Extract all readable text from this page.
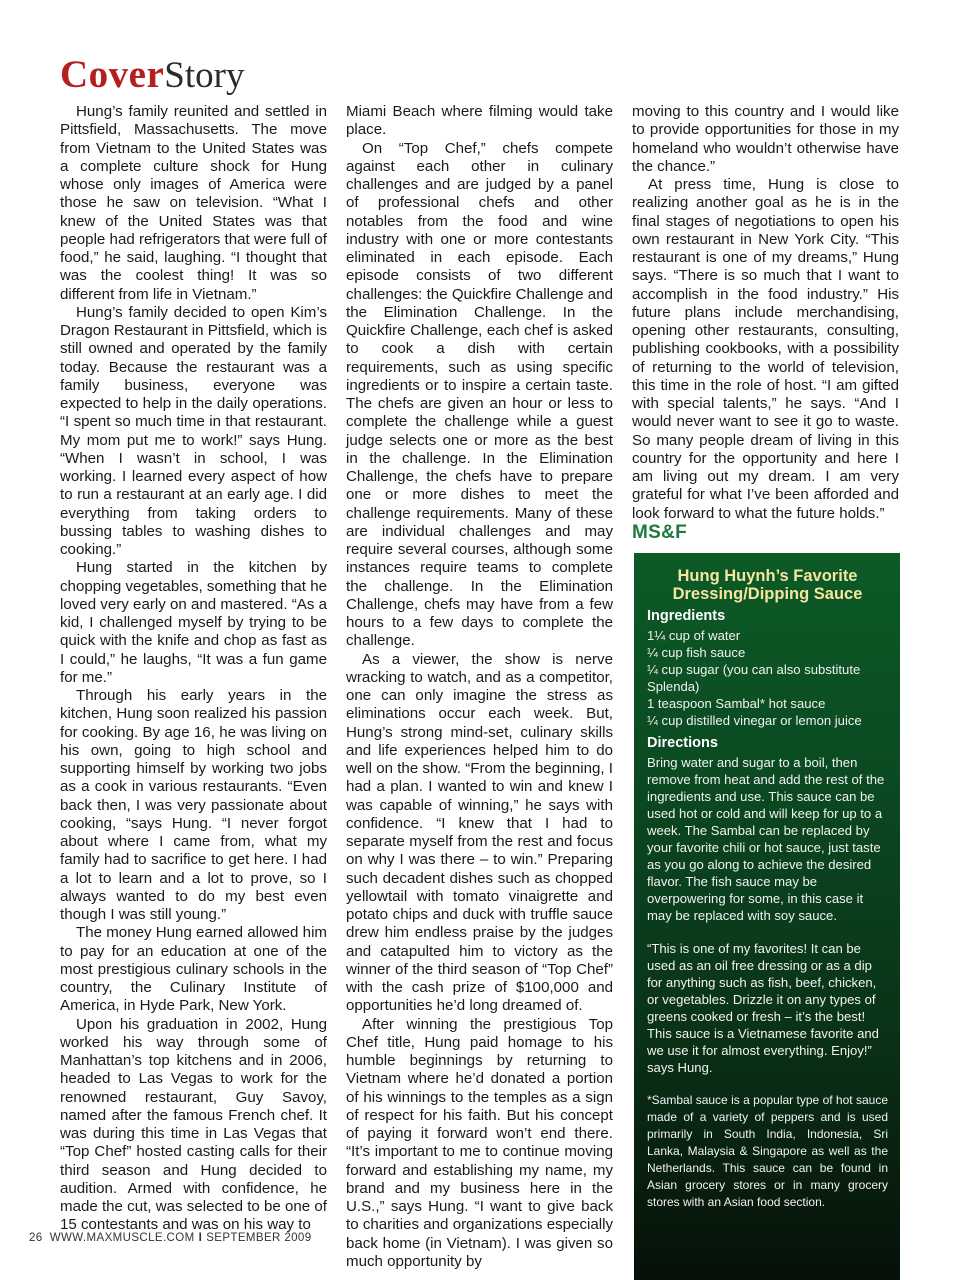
CoverStory

Hung’s family reunited and settled in Pittsfield, Massachusetts. The move from Vietnam to the United States was a complete culture shock for Hung whose only images of America were those he saw on television. “What I knew of the United States was that people had refrigerators that were full of food,” he said, laughing. “I thought that was the coolest thing! It was so different from life in Vietnam.”

Hung’s family decided to open Kim’s Dragon Restaurant in Pittsfield, which is still owned and operated by the family today. Because the restaurant was a family business, everyone was expected to help in the daily operations. “I spent so much time in that restaurant. My mom put me to work!” says Hung. “When I wasn’t in school, I was working. I learned every aspect of how to run a restaurant at an early age. I did everything from taking orders to bussing tables to washing dishes to cooking.”

Hung started in the kitchen by chopping vegetables, something that he loved very early on and mastered. “As a kid, I challenged myself by trying to be quick with the knife and chop as fast as I could,” he laughs, “It was a fun game for me.”

Through his early years in the kitchen, Hung soon realized his passion for cooking. By age 16, he was living on his own, going to high school and supporting himself by working two jobs as a cook in various restaurants. “Even back then, I was very passionate about cooking, “says Hung. “I never forgot about where I came from, what my family had to sacrifice to get here. I had a lot to learn and a lot to prove, so I always wanted to do my best even though I was still young.”

The money Hung earned allowed him to pay for an education at one of the most prestigious culinary schools in the country, the Culinary Institute of America, in Hyde Park, New York.

Upon his graduation in 2002, Hung worked his way through some of Manhattan’s top kitchens and in 2006, headed to Las Vegas to work for the renowned restaurant, Guy Savoy, named after the famous French chef. It was during this time in Las Vegas that “Top Chef” hosted casting calls for their third season and Hung decided to audition. Armed with confidence, he made the cut, was selected to be one of 15 contestants and was on his way to

Miami Beach where filming would take place.

On “Top Chef,” chefs compete against each other in culinary challenges and are judged by a panel of professional chefs and other notables from the food and wine industry with one or more contestants eliminated in each episode. Each episode consists of two different challenges: the Quickfire Challenge and the Elimination Challenge. In the Quickfire Challenge, each chef is asked to cook a dish with certain requirements, such as using specific ingredients or to inspire a certain taste. The chefs are given an hour or less to complete the challenge while a guest judge selects one or more as the best in the challenge. In the Elimination Challenge, the chefs have to prepare one or more dishes to meet the challenge requirements. Many of these are individual challenges and may require several courses, although some instances require teams to complete the challenge. In the Elimination Challenge, chefs may have from a few hours to a few days to complete the challenge.

As a viewer, the show is nerve wracking to watch, and as a competitor, one can only imagine the stress as eliminations occur each week. But, Hung’s strong mind-set, culinary skills and life experiences helped him to do well on the show. “From the beginning, I had a plan. I wanted to win and knew I was capable of winning,” he says with confidence. “I knew that I had to separate myself from the rest and focus on why I was there – to win.” Preparing such decadent dishes such as chopped yellowtail with tomato vinaigrette and potato chips and duck with truffle sauce drew him endless praise by the judges and catapulted him to victory as the winner of the third season of “Top Chef” with the cash prize of $100,000 and opportunities he’d long dreamed of.

After winning the prestigious Top Chef title, Hung paid homage to his humble beginnings by returning to Vietnam where he’d donated a portion of his winnings to the temples as a sign of respect for his faith. But his concept of paying it forward won’t end there. “It’s important to me to continue moving forward and establishing my name, my brand and my business here in the U.S.,” says Hung. “I want to give back to charities and organizations especially back home (in Vietnam). I was given so much opportunity by

moving to this country and I would like to provide opportunities for those in my homeland who wouldn’t otherwise have the chance.”

At press time, Hung is close to realizing another goal as he is in the final stages of negotiations to open his own restaurant in New York City. “This restaurant is one of my dreams,” Hung says. “There is so much that I want to accomplish in the food industry.” His future plans include merchandising, opening other restaurants, consulting, publishing cookbooks, with a possibility of returning to the world of television, this time in the role of host. “I am gifted with special talents,” he says. “And I would never want to see it go to waste. So many people dream of living in this country for the opportunity and here I am living out my dream. I am very grateful for what I’ve been afforded and look forward to what the future holds.”

MS&F
Hung Huynh’s Favorite
Dressing/Dipping Sauce
Ingredients
1¼ cup of water
¼ cup fish sauce
¼ cup sugar (you can also substitute Splenda)
1 teaspoon Sambal* hot sauce
¼ cup distilled vinegar or lemon juice
Directions

Bring water and sugar to a boil, then remove from heat and add the rest of the ingredients and use. This sauce can be used hot or cold and will keep for up to a week. The Sambal can be replaced by your favorite chili or hot sauce, just taste as you go along to achieve the desired flavor. The fish sauce may be overpowering for some, in this case it may be replaced with soy sauce.

“This is one of my favorites! It can be used as an oil free dressing or as a dip for anything such as fish, beef, chicken, or vegetables. Drizzle it on any types of greens cooked or fresh – it’s the best! This sauce is a Vietnamese favorite and we use it for almost everything. Enjoy!” says Hung.

*Sambal sauce is a popular type of hot sauce made of a variety of peppers and is used primarily in South India, Indonesia, Sri Lanka, Malaysia & Singapore as well as the Netherlands. This sauce can be found in Asian grocery stores or in many grocery stores with an Asian food section.

26 WWW.MAXMUSCLE.COM I SEPTEMBER 2009
